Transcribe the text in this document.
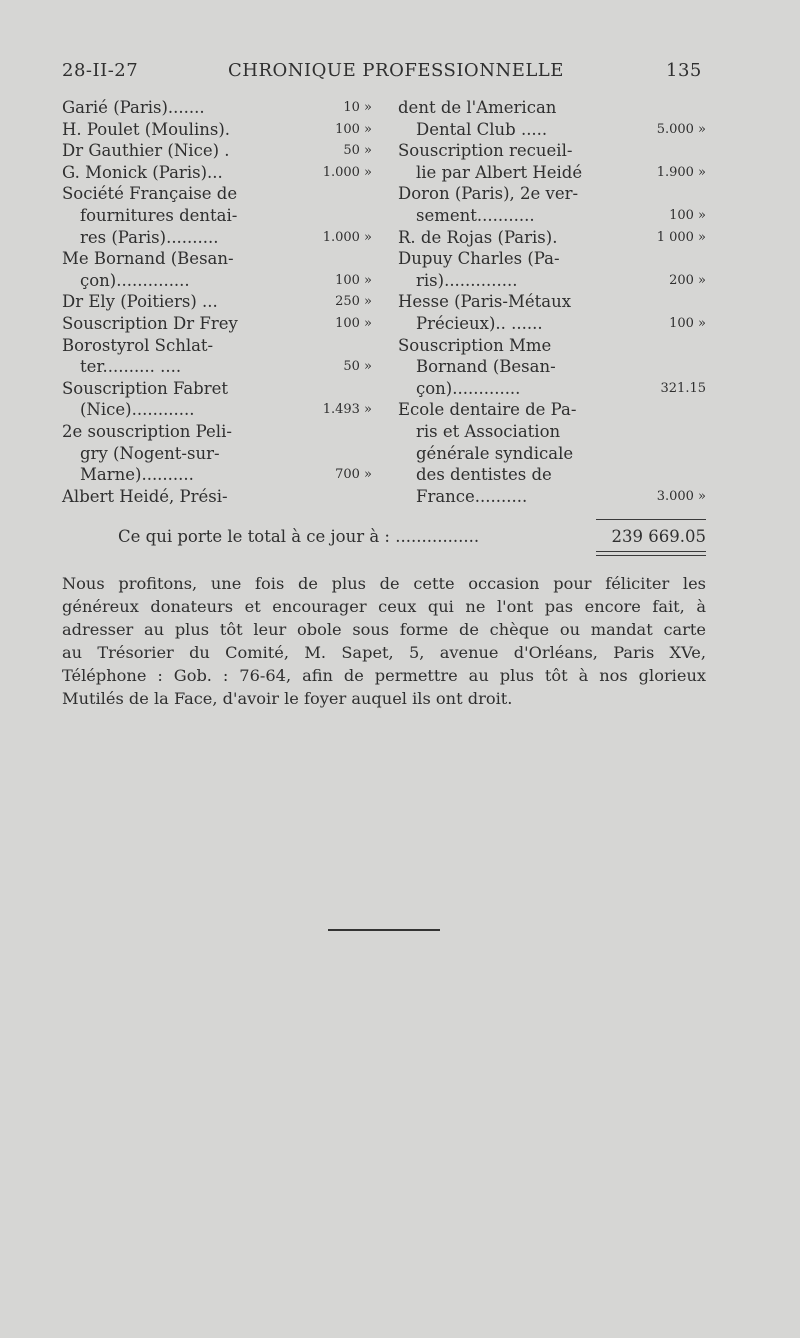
28-II-27	CHRONIQUE PROFESSIONNELLE	135
Garié (Paris).......	10 »
H. Poulet (Moulins).	100 »
Dr Gauthier (Nice) .	50 »
G. Monick (Paris)...	1.000 »
Société Française de
fournitures dentai-
res (Paris)..........	1.000 »
Me Bornand (Besan-
çon)..............	100 »
Dr Ely (Poitiers) ...	250 »
Souscription Dr Frey	100 »
Borostyrol Schlat-
ter.......... ....	50 »
Souscription Fabret
(Nice)............	1.493 »
2e souscription Peli-
gry (Nogent-sur-
Marne)..........	700 »
Albert Heidé, Prési-
dent de l'American
Dental Club .....	5.000 »
Souscription recueil-
lie par Albert Heidé	1.900 »
Doron (Paris), 2e ver-
sement...........	100 »
R. de Rojas (Paris).	1 000 »
Dupuy Charles (Pa-
ris)..............	200 »
Hesse (Paris-Métaux
Précieux).. ......	100 »
Souscription Mme
Bornand (Besan-
çon).............	321.15
Ecole dentaire de Pa-
ris et Association
générale syndicale
des dentistes de
France..........	3.000 »
Ce qui porte le total à ce jour à : ................	239 669.05
Nous profitons, une fois de plus de cette occasion pour féliciter les
généreux donateurs et encourager ceux qui ne l'ont pas encore fait, à
adresser au plus tôt leur obole sous forme de chèque ou mandat carte
au Trésorier du Comité, M. Sapet, 5, avenue d'Orléans, Paris XVe,
Téléphone : Gob. : 76-64, afin de permettre au plus tôt à nos glorieux
Mutilés de la Face, d'avoir le foyer auquel ils ont droit.
